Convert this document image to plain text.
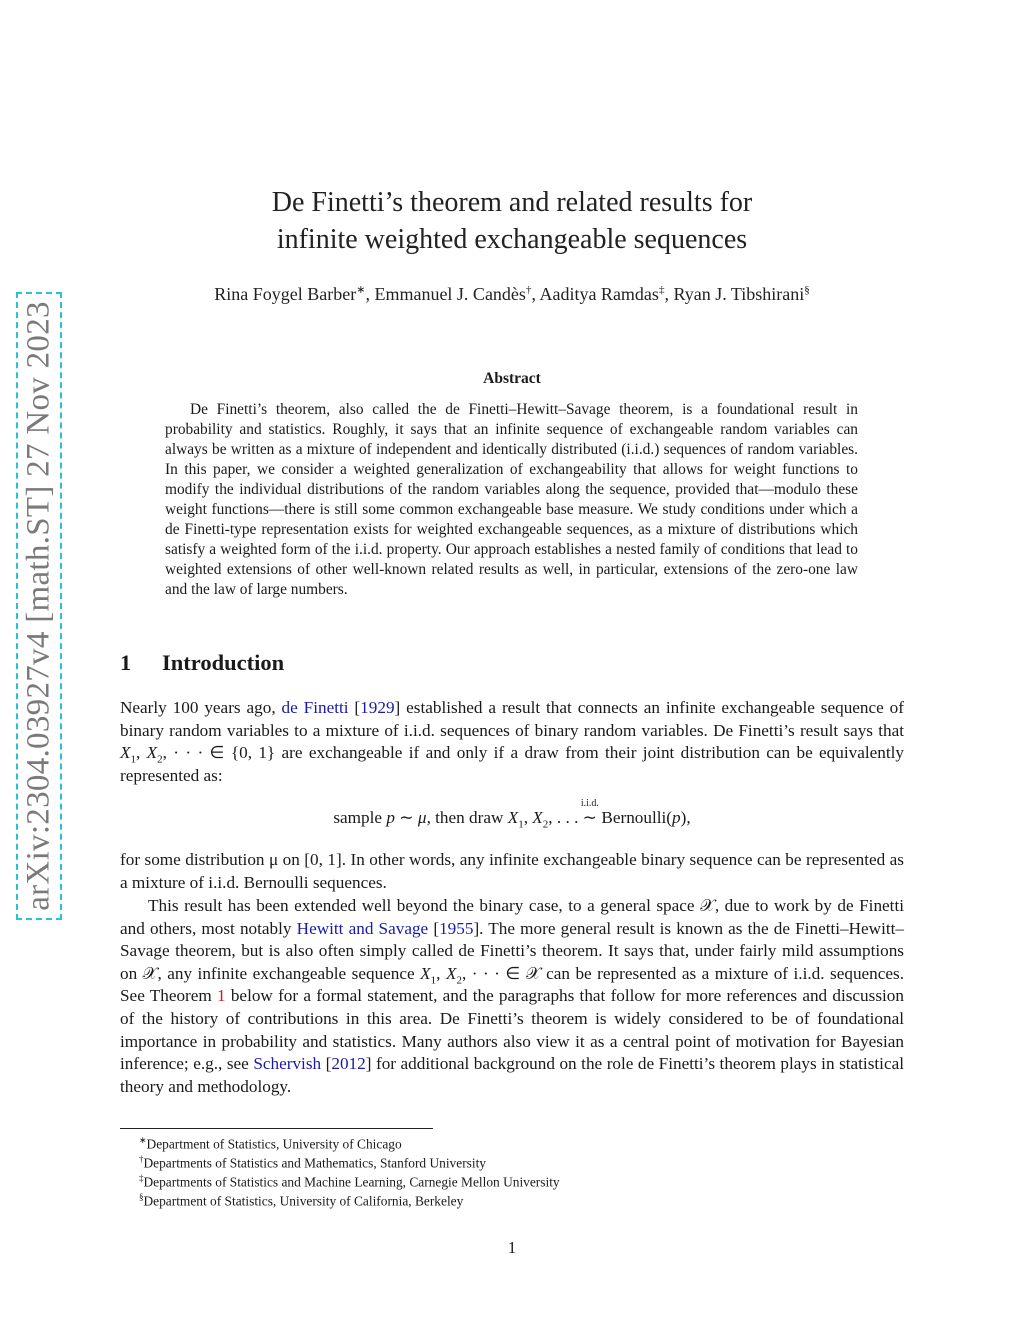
arXiv:2304.03927v4 [math.ST] 27 Nov 2023
De Finetti’s theorem and related results for
infinite weighted exchangeable sequences
Rina Foygel Barber∗, Emmanuel J. Candès†, Aaditya Ramdas‡, Ryan J. Tibshirani§
Abstract
De Finetti’s theorem, also called the de Finetti–Hewitt–Savage theorem, is a foundational result in probability and statistics. Roughly, it says that an infinite sequence of exchangeable random variables can always be written as a mixture of independent and identically distributed (i.i.d.) sequences of random variables. In this paper, we consider a weighted generalization of exchangeability that allows for weight functions to modify the individual distributions of the random variables along the sequence, provided that—modulo these weight functions—there is still some common exchangeable base measure. We study conditions under which a de Finetti-type representation exists for weighted exchangeable sequences, as a mixture of distributions which satisfy a weighted form of the i.i.d. property. Our approach establishes a nested family of conditions that lead to weighted extensions of other well-known related results as well, in particular, extensions of the zero-one law and the law of large numbers.
1 Introduction

Nearly 100 years ago, de Finetti [1929] established a result that connects an infinite exchangeable sequence of binary random variables to a mixture of i.i.d. sequences of binary random variables. De Finetti’s result says that $X_1$, $X_2$, · · · ∈ {0, 1} are exchangeable if and only if a draw from their joint distribution can be equivalently represented as:

sample p ∼ μ, then draw $X_1$, $X_2$, . . .
i.i.d.
∼ Bernoulli(p),

for some distribution μ on [0, 1]. In other words, any infinite exchangeable binary sequence can be represented as a mixture of i.i.d. Bernoulli sequences.

This result has been extended well beyond the binary case, to a general space 𝒳, due to work by de Finetti and others, most notably Hewitt and Savage [1955]. The more general result is known as the de Finetti–Hewitt–Savage theorem, but is also often simply called de Finetti’s theorem. It says that, under fairly mild assumptions on 𝒳, any infinite exchangeable sequence $X_1$, $X_2$, · · · ∈ 𝒳 can be represented as a mixture of i.i.d. sequences. See Theorem 1 below for a formal statement, and the paragraphs that follow for more references and discussion of the history of contributions in this area. De Finetti’s theorem is widely considered to be of foundational importance in probability and statistics. Many authors also view it as a central point of motivation for Bayesian inference; e.g., see Schervish [2012] for additional background on the role de Finetti’s theorem plays in statistical theory and methodology.

∗Department of Statistics, University of Chicago
†Departments of Statistics and Mathematics, Stanford University
‡Departments of Statistics and Machine Learning, Carnegie Mellon University
§Department of Statistics, University of California, Berkeley
1
